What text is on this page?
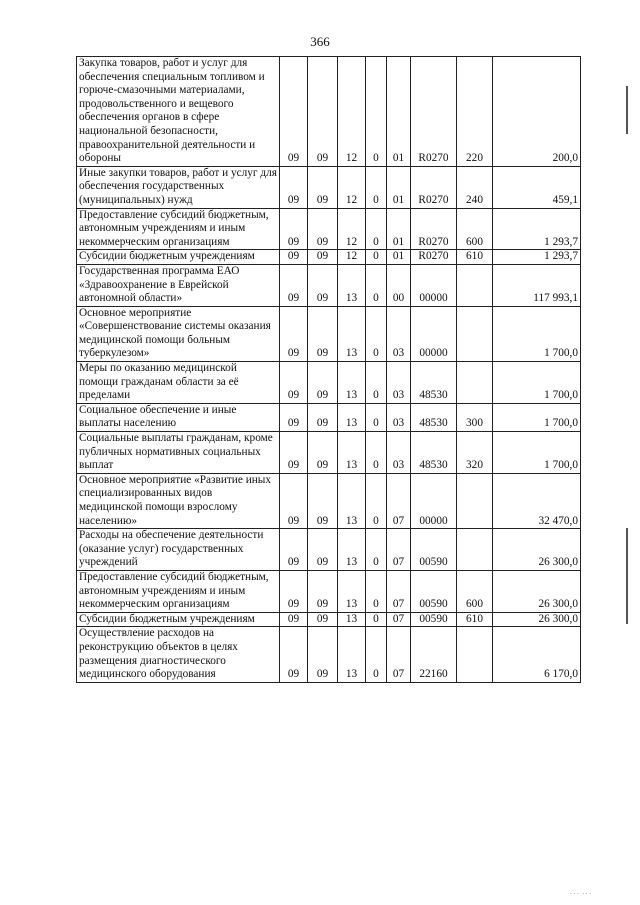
366
Закупка товаров, работ и услуг для обеспечения специальным топливом и горюче-смазочными материалами, продовольственного и вещевого обеспечения органов в сфере национальной безопасности, правоохранительной деятельности и обороны	09	09	12	0	01	R0270	220	200,0
Иные закупки товаров, работ и услуг для обеспечения государственных (муниципальных) нужд	09	09	12	0	01	R0270	240	459,1
Предоставление субсидий бюджетным, автономным учреждениям и иным некоммерческим организациям	09	09	12	0	01	R0270	600	1 293,7
Субсидии бюджетным учреждениям	09	09	12	0	01	R0270	610	1 293,7
Государственная программа ЕАО «Здравоохранение в Еврейской автономной области»	09	09	13	0	00	00000		117 993,1
Основное мероприятие «Совершенствование системы оказания медицинской помощи больным туберкулезом»	09	09	13	0	03	00000		1 700,0
Меры по оказанию медицинской помощи гражданам области за её пределами	09	09	13	0	03	48530		1 700,0
Социальное обеспечение и иные выплаты населению	09	09	13	0	03	48530	300	1 700,0
Социальные выплаты гражданам, кроме публичных нормативных социальных выплат	09	09	13	0	03	48530	320	1 700,0
Основное мероприятие «Развитие иных специализированных видов медицинской помощи взрослому населению»	09	09	13	0	07	00000		32 470,0
Расходы на обеспечение деятельности (оказание услуг) государственных учреждений	09	09	13	0	07	00590		26 300,0
Предоставление субсидий бюджетным, автономным учреждениям и иным некоммерческим организациям	09	09	13	0	07	00590	600	26 300,0
Субсидии бюджетным учреждениям	09	09	13	0	07	00590	610	26 300,0
Осуществление расходов на реконструкцию объектов в целях размещения диагностического медицинского оборудования	09	09	13	0	07	22160		6 170,0
. . .  . . .
